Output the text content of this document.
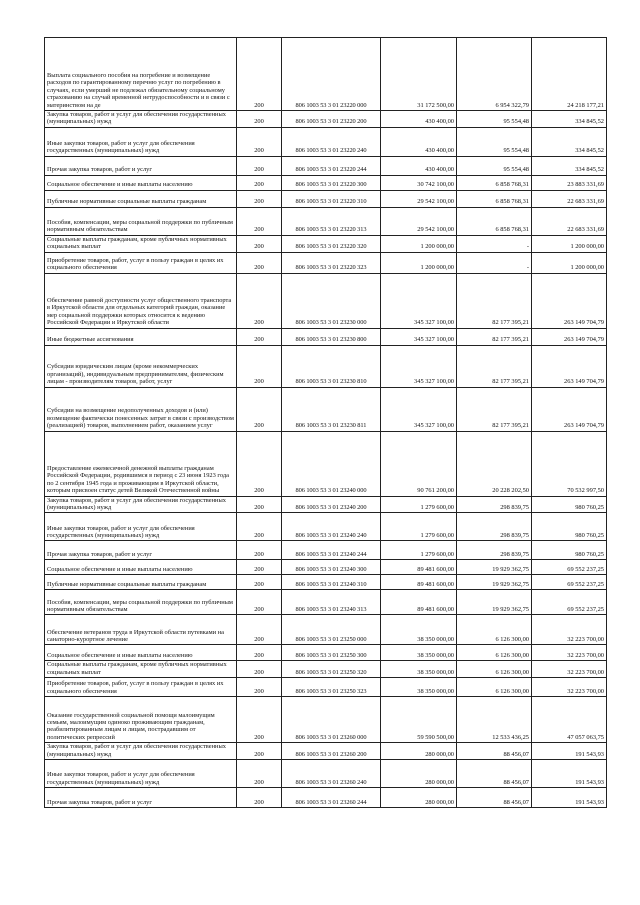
Выплата социального пособия на погребение и возмещение расходов по гарантированному перечню услуг по погребению в случаях, если умерший не подлежал обязательному социальному страхованию на случай временной нетрудоспособности и в связи с материнством на де	200	806 1003 53 3 01 23220 000	31 172 500,00	6 954 322,79	24 218 177,21
Закупка товаров, работ и услуг для обеспечения государственных (муниципальных) нужд	200	806 1003 53 3 01 23220 200	430 400,00	95 554,48	334 845,52
Иные закупки товаров, работ и услуг для обеспечения государственных (муниципальных) нужд	200	806 1003 53 3 01 23220 240	430 400,00	95 554,48	334 845,52
Прочая закупка товаров, работ и услуг	200	806 1003 53 3 01 23220 244	430 400,00	95 554,48	334 845,52
Социальное обеспечение и иные выплаты населению	200	806 1003 53 3 01 23220 300	30 742 100,00	6 858 768,31	23 883 331,69
Публичные нормативные социальные выплаты гражданам	200	806 1003 53 3 01 23220 310	29 542 100,00	6 858 768,31	22 683 331,69
Пособия, компенсации, меры социальной поддержки по публичным нормативным обязательствам	200	806 1003 53 3 01 23220 313	29 542 100,00	6 858 768,31	22 683 331,69
Социальные выплаты гражданам, кроме публичных нормативных социальных выплат	200	806 1003 53 3 01 23220 320	1 200 000,00	-	1 200 000,00
Приобретение товаров, работ, услуг в пользу граждан в целях их социального обеспечения	200	806 1003 53 3 01 23220 323	1 200 000,00	-	1 200 000,00
Обеспечение равной доступности услуг общественного транспорта в Иркутской области для отдельных категорий граждан, оказание мер социальной поддержки которых относится к ведению Российской Федерации и Иркутской области	200	806 1003 53 3 01 23230 000	345 327 100,00	82 177 395,21	263 149 704,79
Иные бюджетные ассигнования	200	806 1003 53 3 01 23230 800	345 327 100,00	82 177 395,21	263 149 704,79
Субсидии юридическим лицам (кроме некоммерческих организаций), индивидуальным предпринимателям, физическим лицам - производителям товаров, работ, услуг	200	806 1003 53 3 01 23230 810	345 327 100,00	82 177 395,21	263 149 704,79
Субсидии на возмещение недополученных доходов и (или) возмещение фактически понесенных затрат в связи с производством (реализацией) товаров, выполнением работ, оказанием услуг	200	806 1003 53 3 01 23230 811	345 327 100,00	82 177 395,21	263 149 704,79
Предоставление ежемесячной денежной выплаты гражданам Российской Федерации, родившимся в период с 23 июня 1923 года по 2 сентября 1945 года и проживающим в Иркутской области, которым присвоен статус детей Великой Отечественной войны	200	806 1003 53 3 01 23240 000	90 761 200,00	20 228 202,50	70 532 997,50
Закупка товаров, работ и услуг для обеспечения государственных (муниципальных) нужд	200	806 1003 53 3 01 23240 200	1 279 600,00	298 839,75	980 760,25
Иные закупки товаров, работ и услуг для обеспечения государственных (муниципальных) нужд	200	806 1003 53 3 01 23240 240	1 279 600,00	298 839,75	980 760,25
Прочая закупка товаров, работ и услуг	200	806 1003 53 3 01 23240 244	1 279 600,00	298 839,75	980 760,25
Социальное обеспечение и иные выплаты населению	200	806 1003 53 3 01 23240 300	89 481 600,00	19 929 362,75	69 552 237,25
Публичные нормативные социальные выплаты гражданам	200	806 1003 53 3 01 23240 310	89 481 600,00	19 929 362,75	69 552 237,25
Пособия, компенсации, меры социальной поддержки по публичным нормативным обязательствам	200	806 1003 53 3 01 23240 313	89 481 600,00	19 929 362,75	69 552 237,25
Обеспечение ветеранов труда в Иркутской области путевками на санаторно-курортное лечение	200	806 1003 53 3 01 23250 000	38 350 000,00	6 126 300,00	32 223 700,00
Социальное обеспечение и иные выплаты населению	200	806 1003 53 3 01 23250 300	38 350 000,00	6 126 300,00	32 223 700,00
Социальные выплаты гражданам, кроме публичных нормативных социальных выплат	200	806 1003 53 3 01 23250 320	38 350 000,00	6 126 300,00	32 223 700,00
Приобретение товаров, работ, услуг в пользу граждан в целях их социального обеспечения	200	806 1003 53 3 01 23250 323	38 350 000,00	6 126 300,00	32 223 700,00
Оказание государственной социальной помощи малоимущим семьям, малоимущим одиноко проживающим гражданам, реабилитированным лицам и лицам, пострадавшим от политических репрессий	200	806 1003 53 3 01 23260 000	59 590 500,00	12 533 436,25	47 057 063,75
Закупка товаров, работ и услуг для обеспечения государственных (муниципальных) нужд	200	806 1003 53 3 01 23260 200	280 000,00	88 456,07	191 543,93
Иные закупки товаров, работ и услуг для обеспечения государственных (муниципальных) нужд	200	806 1003 53 3 01 23260 240	280 000,00	88 456,07	191 543,93
Прочая закупка товаров, работ и услуг	200	806 1003 53 3 01 23260 244	280 000,00	88 456,07	191 543,93
